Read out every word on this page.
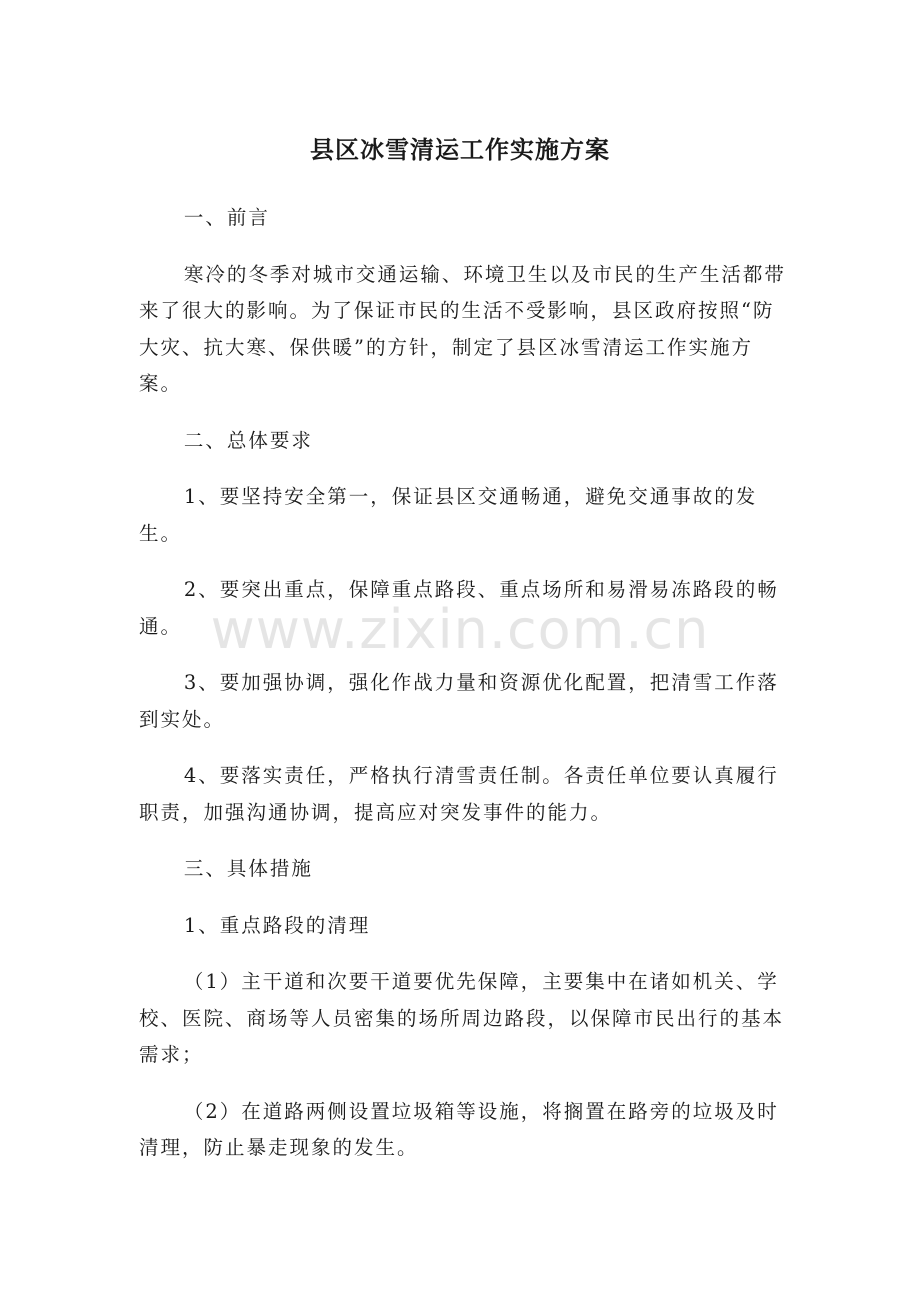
县区冰雪清运工作实施方案
www.zixin.com.cn

一、前言

寒冷的冬季对城市交通运输、环境卫生以及市民的生产生活都带来了很大的影响。为了保证市民的生活不受影响，县区政府按照“防大灾、抗大寒、保供暖”的方针，制定了县区冰雪清运工作实施方案。

二、总体要求

1、要坚持安全第一，保证县区交通畅通，避免交通事故的发生。

2、要突出重点，保障重点路段、重点场所和易滑易冻路段的畅通。

3、要加强协调，强化作战力量和资源优化配置，把清雪工作落到实处。

4、要落实责任，严格执行清雪责任制。各责任单位要认真履行职责，加强沟通协调，提高应对突发事件的能力。

三、具体措施

1、重点路段的清理

（1）主干道和次要干道要优先保障，主要集中在诸如机关、学校、医院、商场等人员密集的场所周边路段，以保障市民出行的基本需求；

（2）在道路两侧设置垃圾箱等设施，将搁置在路旁的垃圾及时清理，防止暴走现象的发生。
